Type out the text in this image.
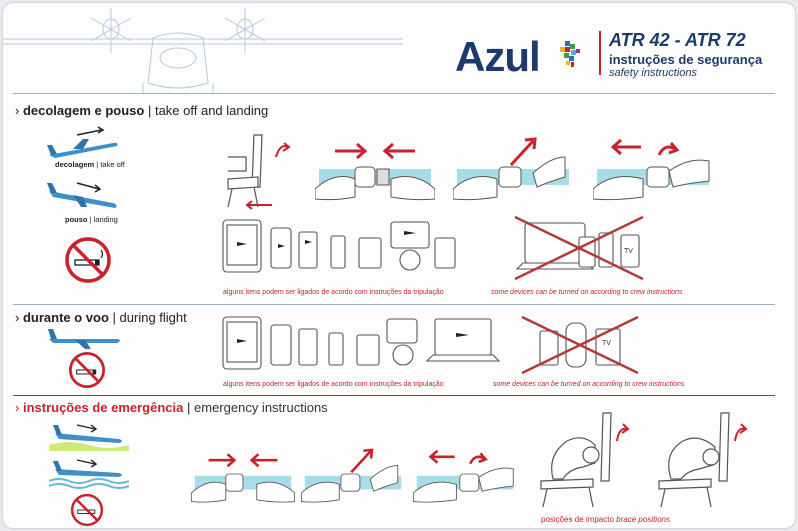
Azul	ATR 42 - ATR 72
instruções de segurança
safety instructions
› decolagem e pouso | take off and landing
decolagem | take off
pouso | landing
TV
alguns itens podem ser ligados de acordo com instruções da tripulação	some devices can be turned on according to crew instructions
› durante o voo | during flight
TV
alguns itens podem ser ligados de acordo com instruções da tripulação	some devices can be turned on according to crew instructions
› instruções de emergência | emergency instructions
posições de impacto brace positions
